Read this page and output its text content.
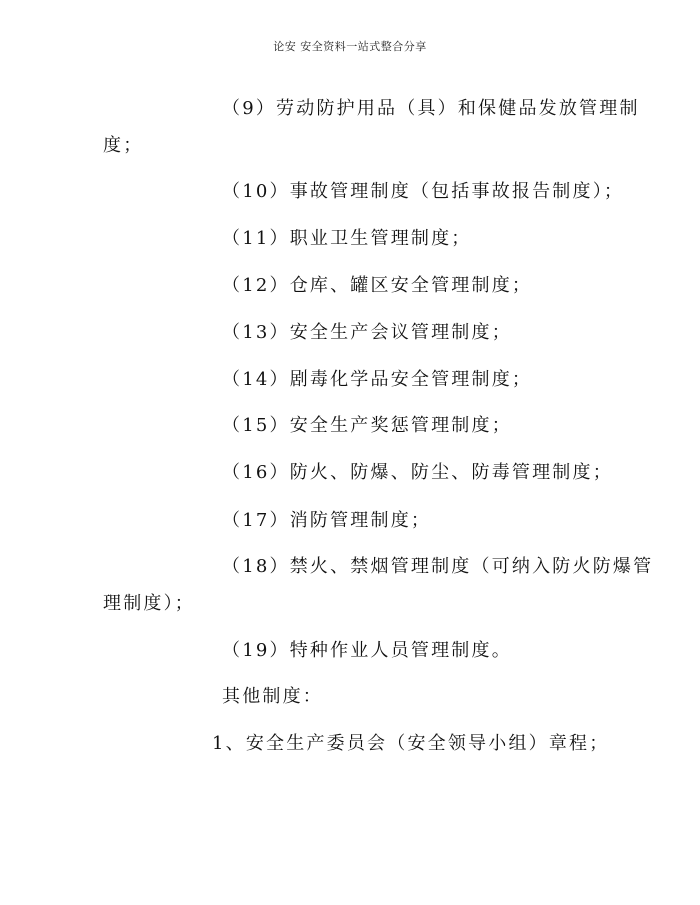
论安 安全资料一站式整合分享
（9）劳动防护用品（具）和保健品发放管理制
度；
（10）事故管理制度（包括事故报告制度）；
（11）职业卫生管理制度；
（12）仓库、罐区安全管理制度；
（13）安全生产会议管理制度；
（14）剧毒化学品安全管理制度；
（15）安全生产奖惩管理制度；
（16）防火、防爆、防尘、防毒管理制度；
（17）消防管理制度；
（18）禁火、禁烟管理制度（可纳入防火防爆管
理制度）；
（19）特种作业人员管理制度。
其他制度：
1、安全生产委员会（安全领导小组）章程；
